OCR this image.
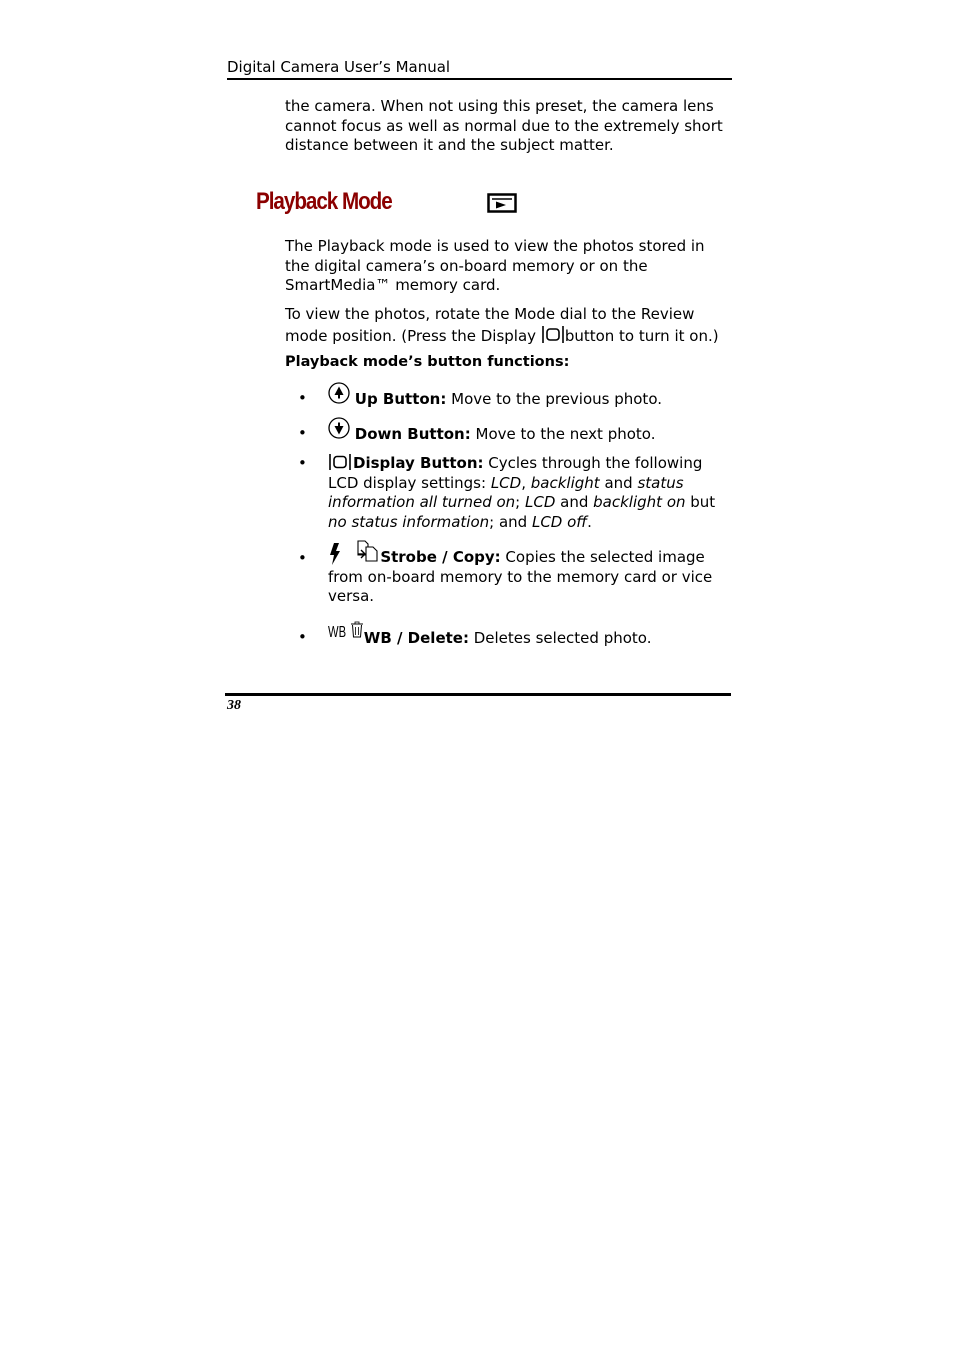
Digital Camera User’s Manual

the camera. When not using this preset, the camera lens cannot focus as well as normal due to the extremely short distance between it and the subject matter.

Playback Mode

The Playback mode is used to view the photos stored in the digital camera’s on-board memory or on the SmartMedia™ memory card.

To view the photos, rotate the Mode dial to the Review mode position. (Press the Display button to turn it on.)

Playback mode’s button functions:
•	Up Button: Move to the previous photo.

•	Down Button: Move to the next photo.

•	Display Button: Cycles through the following LCD display settings: LCD, backlight and status information all turned on; LCD and backlight on but no status information; and LCD off.

•	Strobe / Copy: Copies the selected image from on-board memory to the memory card or vice versa.

• WB WB / Delete: Deletes selected photo.

38
